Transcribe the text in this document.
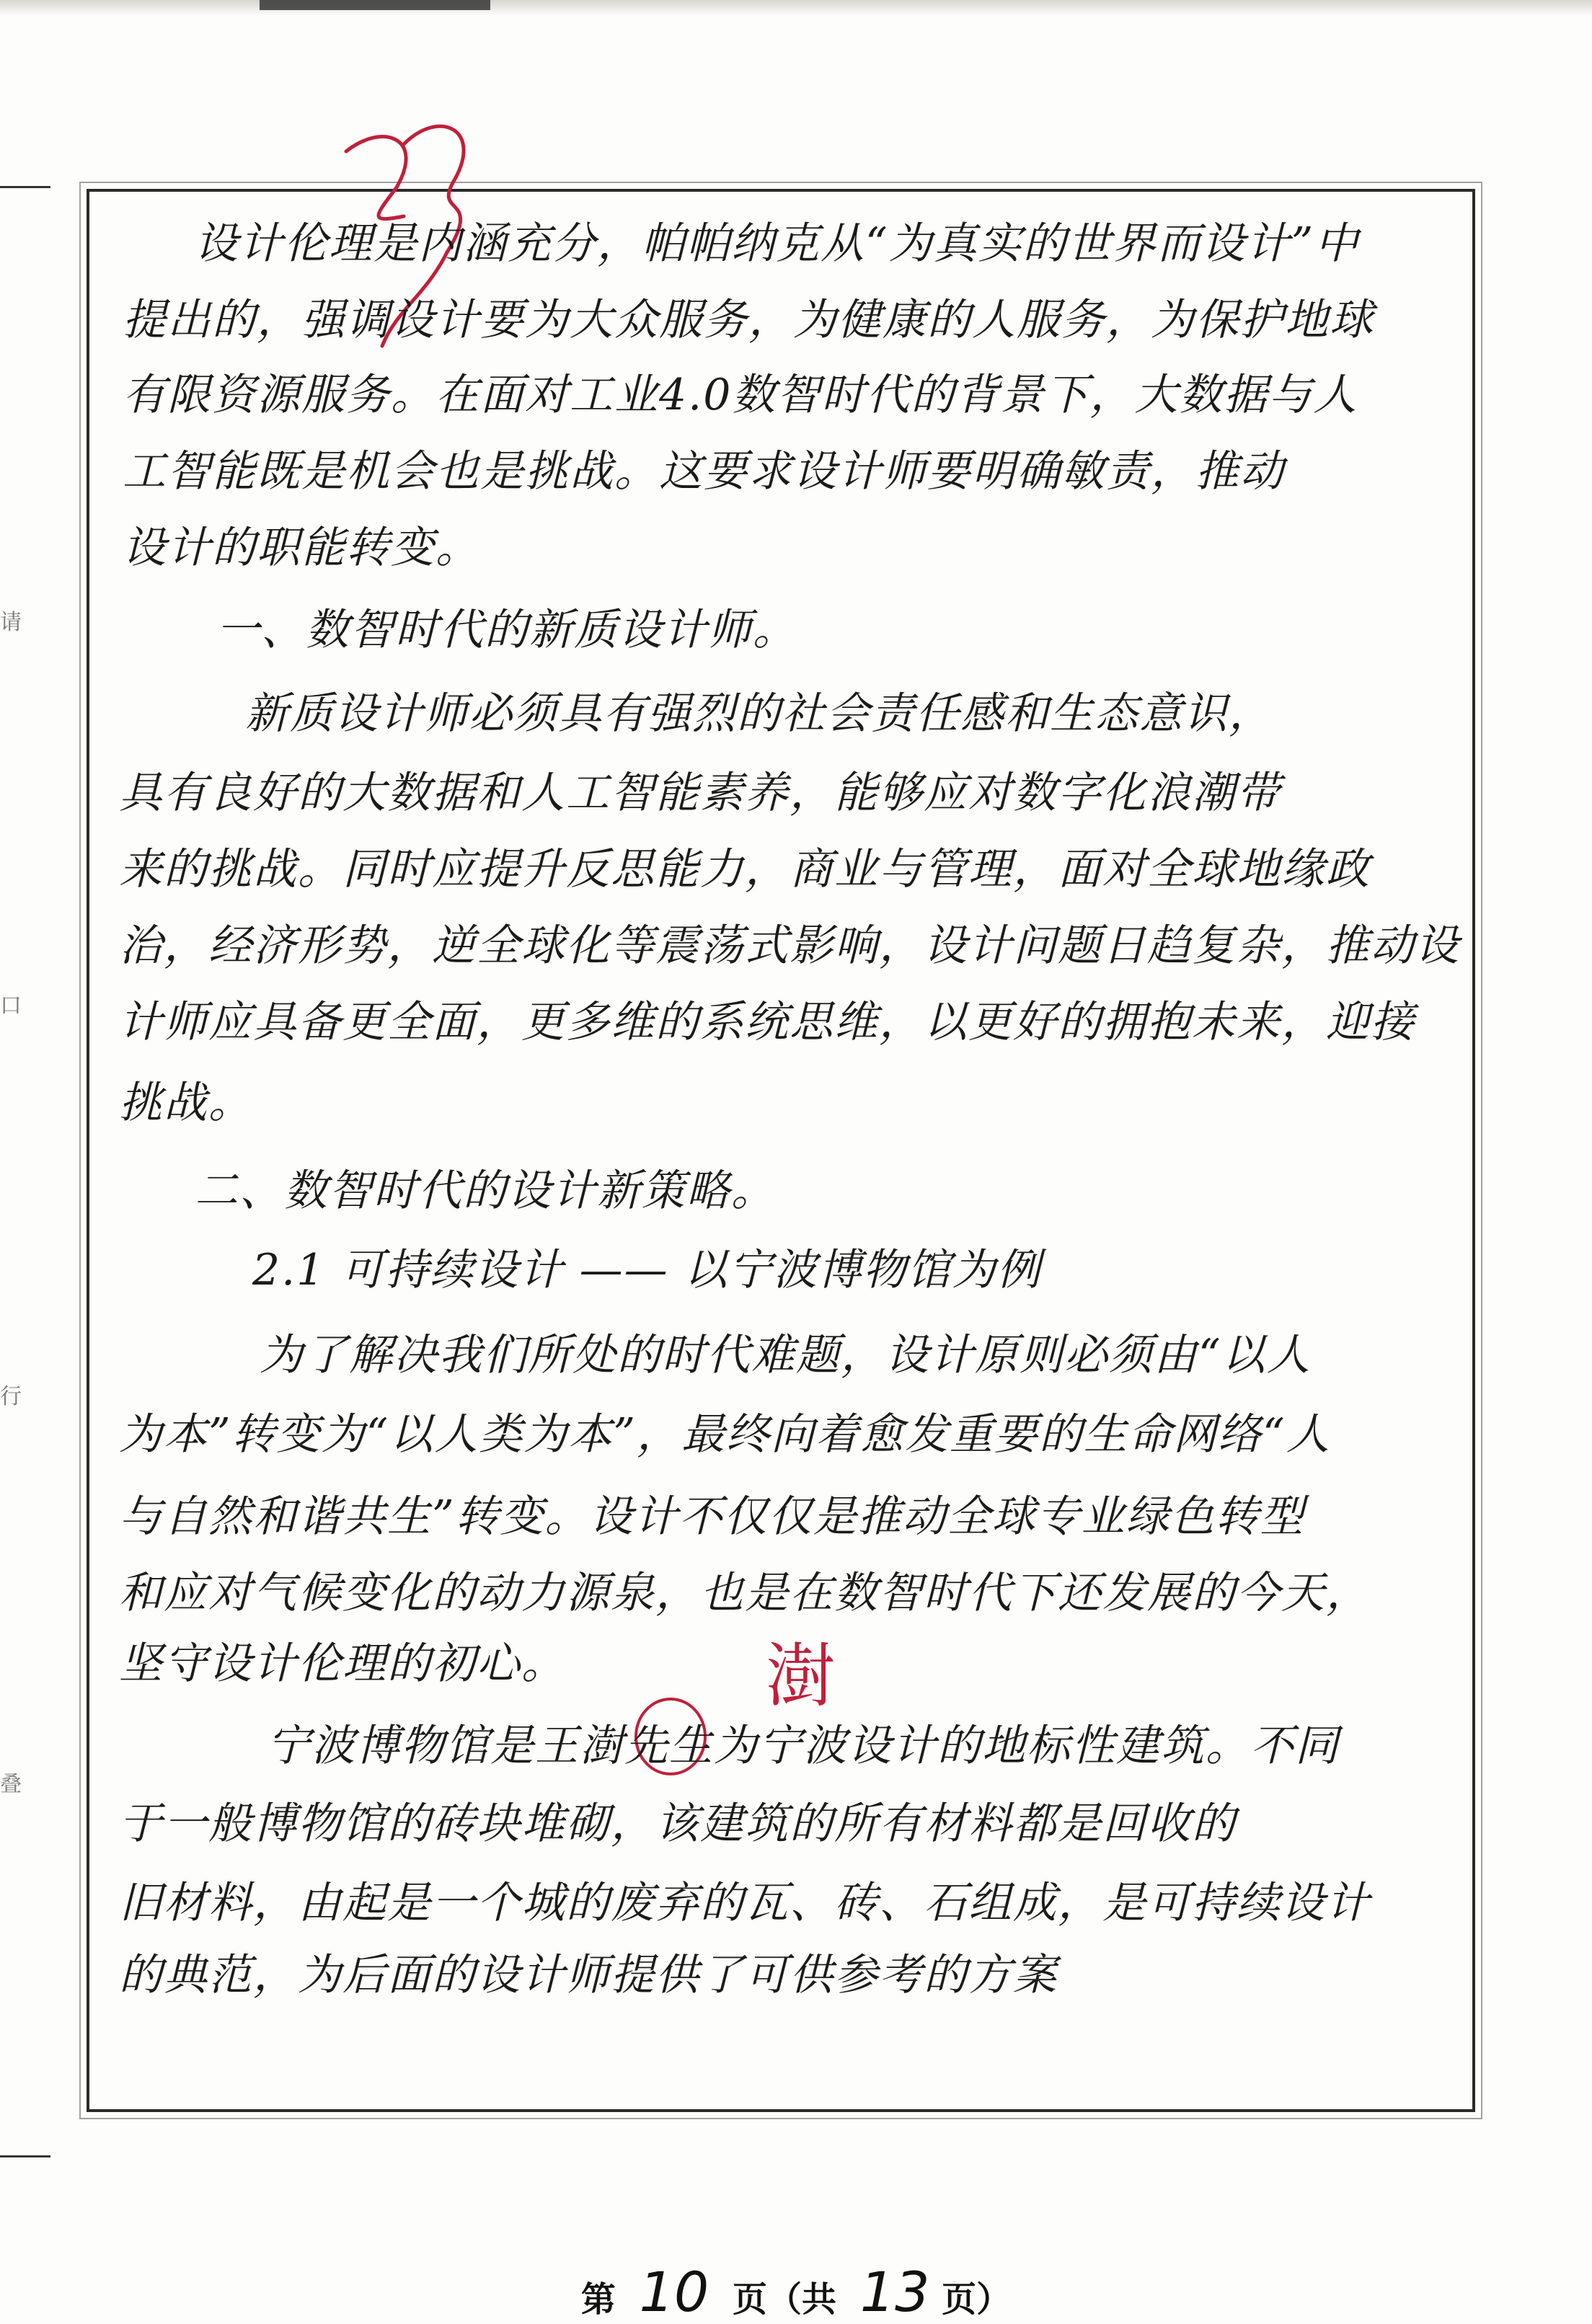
请
口
行
叠

设计伦理是内涵充分，帕帕纳克从“为真实的世界而设计”中

提出的，强调设计要为大众服务，为健康的人服务，为保护地球

有限资源服务。在面对工业4.0数智时代的背景下，大数据与人

工智能既是机会也是挑战。这要求设计师要明确敏责，推动

设计的职能转变。

一、数智时代的新质设计师。

新质设计师必须具有强烈的社会责任感和生态意识，

具有良好的大数据和人工智能素养，能够应对数字化浪潮带

来的挑战。同时应提升反思能力，商业与管理，面对全球地缘政

治，经济形势，逆全球化等震荡式影响，设计问题日趋复杂，推动设

计师应具备更全面，更多维的系统思维，以更好的拥抱未来，迎接

挑战。

二、数智时代的设计新策略。

2.1 可持续设计 —— 以宁波博物馆为例

为了解决我们所处的时代难题，设计原则必须由“以人

为本”转变为“以人类为本”，最终向着愈发重要的生命网络“人

与自然和谐共生”转变。设计不仅仅是推动全球专业绿色转型

和应对气候变化的动力源泉，也是在数智时代下还发展的今天，

坚守设计伦理的初心。	澍

宁波博物馆是王澍先生为宁波设计的地标性建筑。不同

于一般博物馆的砖块堆砌，该建筑的所有材料都是回收的

旧材料，由起是一个城的废弃的瓦、砖、石组成，是可持续设计

的典范，为后面的设计师提供了可供参考的方案

第 10 页（共 13 页）
